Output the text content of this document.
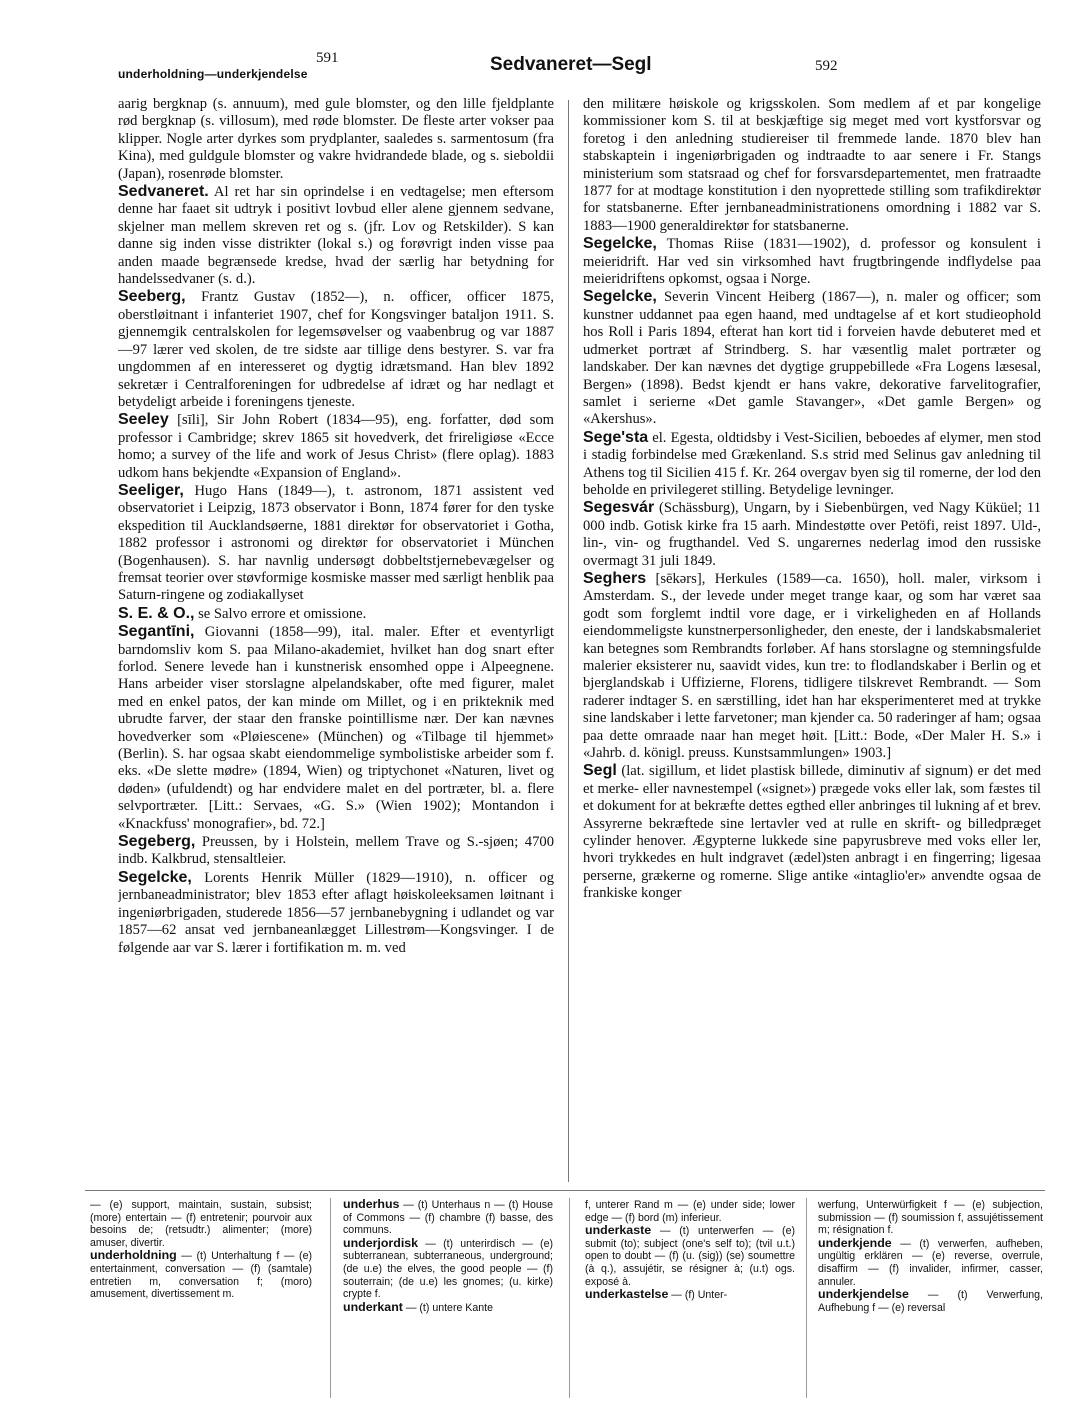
591
underholdning—underkjendelse	Sedvaneret—Segl	592

aarig bergknap (s. annuum), med gule blomster, og den lille fjeldplante rød bergknap (s. villosum), med røde blomster. De fleste arter vokser paa klipper. Nogle arter dyrkes som prydplanter, saaledes s. sarmentosum (fra Kina), med guldgule blomster og vakre hvidrandede blade, og s. sieboldii (Japan), rosenrøde blomster.

Sedvaneret. Al ret har sin oprindelse i en vedtagelse; men eftersom denne har faaet sit udtryk i positivt lovbud eller alene gjennem sedvane, skjelner man mellem skreven ret og s. (jfr. Lov og Retskilder). S kan danne sig inden visse distrikter (lokal s.) og forøvrigt inden visse paa anden maade begrænsede kredse, hvad der særlig har betydning for handelssedvaner (s. d.).

Seeberg, Frantz Gustav (1852—), n. officer, officer 1875, oberstløitnant i infanteriet 1907, chef for Kongsvinger bataljon 1911. S. gjennemgik centralskolen for legemsøvelser og vaabenbrug og var 1887—97 lærer ved skolen, de tre sidste aar tillige dens bestyrer. S. var fra ungdommen af en interesseret og dygtig idrætsmand. Han blev 1892 sekretær i Centralforeningen for udbredelse af idræt og har nedlagt et betydeligt arbeide i foreningens tjeneste.

Seeley [sīli], Sir John Robert (1834—95), eng. forfatter, død som professor i Cambridge; skrev 1865 sit hovedverk, det frireligiøse «Ecce homo; a survey of the life and work of Jesus Christ» (flere oplag). 1883 udkom hans bekjendte «Expansion of England».

Seeliger, Hugo Hans (1849—), t. astronom, 1871 assistent ved observatoriet i Leipzig, 1873 observator i Bonn, 1874 fører for den tyske ekspedition til Aucklandsøerne, 1881 direktør for observatoriet i Gotha, 1882 professor i astronomi og direktør for observatoriet i München (Bogenhausen). S. har navnlig undersøgt dobbeltstjernebevægelser og fremsat teorier over støvformige kosmiske masser med særligt henblik paa Saturn-ringene og zodiakallyset

S. E. & O., se Salvo errore et omissione.

Segantīni, Giovanni (1858—99), ital. maler. Efter et eventyrligt barndomsliv kom S. paa Milano-akademiet, hvilket han dog snart efter forlod. Senere levede han i kunstnerisk ensomhed oppe i Alpeegnene. Hans arbeider viser storslagne alpelandskaber, ofte med figurer, malet med en enkel patos, der kan minde om Millet, og i en prikteknik med ubrudte farver, der staar den franske pointillisme nær. Der kan nævnes hovedverker som «Pløiescene» (München) og «Tilbage til hjemmet» (Berlin). S. har ogsaa skabt eiendommelige symbolistiske arbeider som f. eks. «De slette mødre» (1894, Wien) og triptychonet «Naturen, livet og døden» (ufuldendt) og har endvidere malet en del portræter, bl. a. flere selvportræter. [Litt.: Servaes, «G. S.» (Wien 1902); Montandon i «Knackfuss' monografier», bd. 72.]

Segeberg, Preussen, by i Holstein, mellem Trave og S.-sjøen; 4700 indb. Kalkbrud, stensaltleier.

Segelcke, Lorents Henrik Müller (1829—1910), n. officer og jernbaneadministrator; blev 1853 efter aflagt høiskoleeksamen løitnant i ingeniørbrigaden, studerede 1856—57 jernbanebygning i udlandet og var 1857—62 ansat ved jernbaneanlægget Lillestrøm—Kongsvinger. I de følgende aar var S. lærer i fortifikation m. m. ved

den militære høiskole og krigsskolen. Som medlem af et par kongelige kommissioner kom S. til at beskjæftige sig meget med vort kystforsvar og foretog i den anledning studiereiser til fremmede lande. 1870 blev han stabskaptein i ingeniørbrigaden og indtraadte to aar senere i Fr. Stangs ministerium som statsraad og chef for forsvarsdepartementet, men fratraadte 1877 for at modtage konstitution i den nyoprettede stilling som trafikdirektør for statsbanerne. Efter jernbaneadministrationens omordning i 1882 var S. 1883—1900 generaldirektør for statsbanerne.

Segelcke, Thomas Riise (1831—1902), d. professor og konsulent i meieridrift. Har ved sin virksomhed havt frugtbringende indflydelse paa meieridriftens opkomst, ogsaa i Norge.

Segelcke, Severin Vincent Heiberg (1867—), n. maler og officer; som kunstner uddannet paa egen haand, med undtagelse af et kort studieophold hos Roll i Paris 1894, efterat han kort tid i forveien havde debuteret med et udmerket portræt af Strindberg. S. har væsentlig malet portræter og landskaber. Der kan nævnes det dygtige gruppebillede «Fra Logens læsesal, Bergen» (1898). Bedst kjendt er hans vakre, dekorative farvelitografier, samlet i serierne «Det gamle Stavanger», «Det gamle Bergen» og «Akershus».

Sege'sta el. Egesta, oldtidsby i Vest-Sicilien, beboedes af elymer, men stod i stadig forbindelse med Grækenland. S.s strid med Selinus gav anledning til Athens tog til Sicilien 415 f. Kr. 264 overgav byen sig til romerne, der lod den beholde en privilegeret stilling. Betydelige levninger.

Segesvár (Schässburg), Ungarn, by i Siebenbürgen, ved Nagy Küküel; 11 000 indb. Gotisk kirke fra 15 aarh. Mindestøtte over Petöfi, reist 1897. Uld-, lin-, vin- og frugthandel. Ved S. ungarernes nederlag imod den russiske overmagt 31 juli 1849.

Seghers [sēkərs], Herkules (1589—ca. 1650), holl. maler, virksom i Amsterdam. S., der levede under meget trange kaar, og som har været saa godt som forglemt indtil vore dage, er i virkeligheden en af Hollands eiendommeligste kunstnerpersonligheder, den eneste, der i landskabsmaleriet kan betegnes som Rembrandts forløber. Af hans storslagne og stemningsfulde malerier eksisterer nu, saavidt vides, kun tre: to flodlandskaber i Berlin og et bjerglandskab i Uffizierne, Florens, tidligere tilskrevet Rembrandt. — Som raderer indtager S. en særstilling, idet han har eksperimenteret med at trykke sine landskaber i lette farvetoner; man kjender ca. 50 raderinger af ham; ogsaa paa dette omraade naar han meget høit. [Litt.: Bode, «Der Maler H. S.» i «Jahrb. d. königl. preuss. Kunstsammlungen» 1903.]

Segl (lat. sigillum, et lidet plastisk billede, diminutiv af signum) er det med et merke- eller navnestempel («signet») prægede voks eller lak, som fæstes til et dokument for at bekræfte dettes egthed eller anbringes til lukning af et brev. Assyrerne bekræftede sine lertavler ved at rulle en skrift- og billedpræget cylinder henover. Ægypterne lukkede sine papyrusbreve med voks eller ler, hvori trykkedes en hult indgravet (ædel)sten anbragt i en fingerring; ligesaa perserne, grækerne og romerne. Slige antike «intaglio'er» anvendte ogsaa de frankiske konger

— (e) support, maintain, sustain, subsist; (more) entertain — (f) entretenir; pourvoir aux besoins de; (retsudtr.) alimenter; (more) amuser, divertir.
underholdning — (t) Unterhaltung f — (e) entertainment, conversation — (f) (samtale) entretien m, conversation f; (moro) amusement, divertissement m.
underhus — (t) Unterhaus n — (t) House of Commons — (f) chambre (f) basse, des communs.
underjordisk — (t) unterirdisch — (e) subterranean, subterraneous, underground; (de u.e) the elves, the good people — (f) souterrain; (de u.e) les gnomes; (u. kirke) crypte f.
underkant — (t) untere Kante
f, unterer Rand m — (e) under side; lower edge — (f) bord (m) inferieur.
underkaste — (t) unterwerfen — (e) submit (to); subject (one's self to); (tvil u.t.) open to doubt — (f) (u. (sig)) (se) soumettre (à q.), assujétir, se résigner à; (u.t) ogs. exposé à.
underkastelse — (f) Unter-
werfung, Unterwürfigkeit f — (e) subjection, submission — (f) soumission f, assujétissement m; résignation f.
underkjende — (t) verwerfen, aufheben, ungültig erklären — (e) reverse, overrule, disaffirm — (f) invalider, infirmer, casser, annuler.
underkjendelse — (t) Verwerfung, Aufhebung f — (e) reversal
